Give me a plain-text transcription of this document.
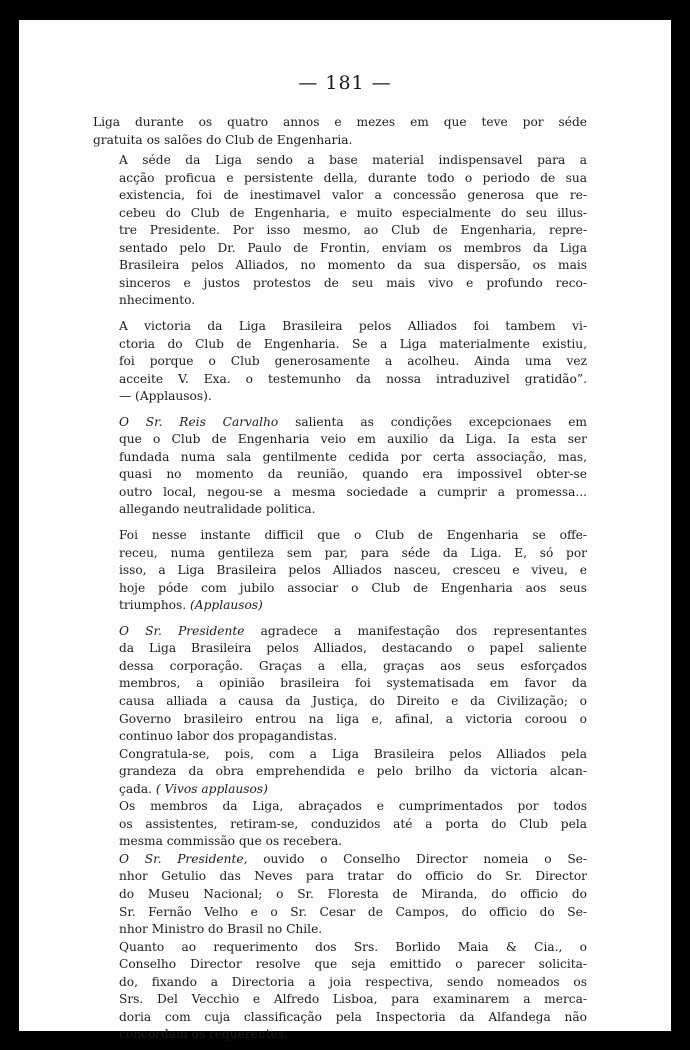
— 181 —

Liga durante os quatro annos e mezes em que teve por séde
gratuita os salões do Club de Engenharia.

A séde da Liga sendo a base material indispensavel para a
acção proficua e persistente della, durante todo o periodo de sua
existencia, foi de inestimavel valor a concessão generosa que re-
cebeu do Club de Engenharia, e muito especialmente do seu illus-
tre Presidente. Por isso mesmo, ao Club de Engenharia, repre-
sentado pelo Dr. Paulo de Frontin, enviam os membros da Liga
Brasileira pelos Alliados, no momento da sua dispersão, os mais
sinceros e justos protestos de seu mais vivo e profundo reco-
nhecimento.

A victoria da Liga Brasileira pelos Alliados foi tambem vi-
ctoria do Club de Engenharia. Se a Liga materialmente existiu,
foi porque o Club generosamente a acolheu. Ainda uma vez
acceite V. Exa. o testemunho da nossa intraduzivel gratidão”.
— (Applausos).

O Sr. Reis Carvalho salienta as condições excepcionaes em
que o Club de Engenharia veio em auxilio da Liga. Ia esta ser
fundada numa sala gentilmente cedida por certa associação, mas,
quasi no momento da reunião, quando era impossivel obter-se
outro local, negou-se a mesma sociedade a cumprir a promessa...
allegando neutralidade politica.

Foi nesse instante difficil que o Club de Engenharia se offe-
receu, numa gentileza sem par, para séde da Liga. E, só por
isso, a Liga Brasileira pelos Alliados nasceu, cresceu e viveu, e
hoje póde com jubilo associar o Club de Engenharia aos seus
triumphos. (Applausos)

O Sr. Presidente agradece a manifestação dos representantes
da Liga Brasileira pelos Alliados, destacando o papel saliente
dessa corporação. Graças a ella, graças aos seus esforçados
membros, a opinião brasileira foi systematisada em favor da
causa alliada a causa da Justiça, do Direito e da Civilização; o
Governo brasileiro entrou na liga e, afinal, a victoria coroou o
continuo labor dos propagandistas.

Congratula-se, pois, com a Liga Brasileira pelos Alliados pela
grandeza da obra emprehendida e pelo brilho da victoria alcan-
çada. ( Vivos applausos)

Os membros da Liga, abraçados e cumprimentados por todos
os assistentes, retiram-se, conduzidos até a porta do Club pela
mesma commissão que os recebera.

O Sr. Presidente, ouvido o Conselho Director nomeia o Se-
nhor Getulio das Neves para tratar do officio do Sr. Director
do Museu Nacional; o Sr. Floresta de Miranda, do officio do
Sr. Fernão Velho e o Sr. Cesar de Campos, do officio do Se-
nhor Ministro do Brasil no Chile.

Quanto ao requerimento dos Srs. Borlido Maia & Cia., o
Conselho Director resolve que seja emittido o parecer solicita-
do, fixando a Directoria a joia respectiva, sendo nomeados os
Srs. Del Vecchio e Alfredo Lisboa, para examinarem a merca-
doria com cuja classificação pela Inspectoria da Alfandega não
concordam os requerentes.
